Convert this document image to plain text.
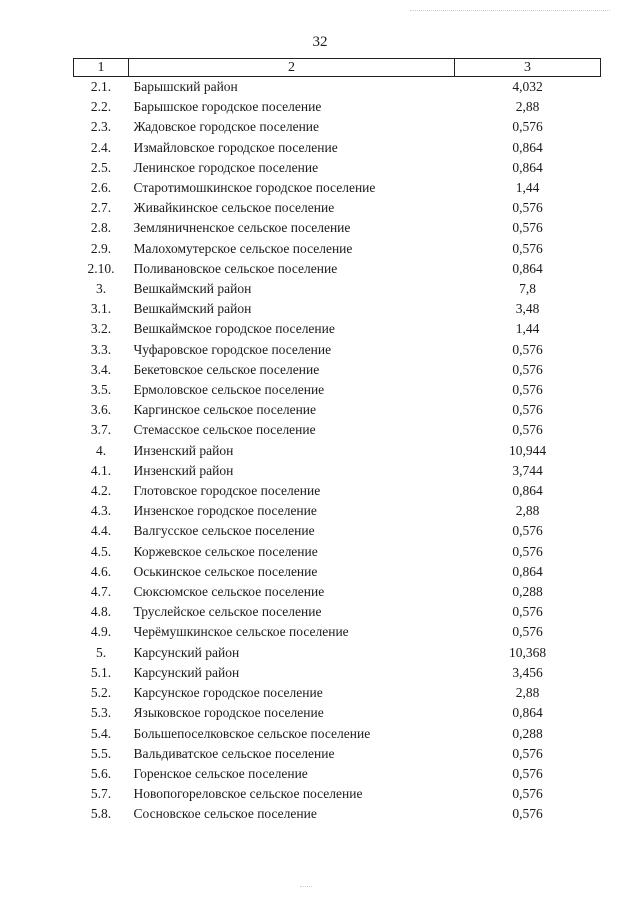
32
1	2	3
2.1.	Барышский район	4,032
2.2.	Барышское городское поселение	2,88
2.3.	Жадовское городское поселение	0,576
2.4.	Измайловское городское поселение	0,864
2.5.	Ленинское городское поселение	0,864
2.6.	Старотимошкинское городское поселение	1,44
2.7.	Живайкинское сельское поселение	0,576
2.8.	Земляничненское сельское поселение	0,576
2.9.	Малохомутерское сельское поселение	0,576
2.10.	Поливановское сельское поселение	0,864
3.	Вешкаймский район	7,8
3.1.	Вешкаймский район	3,48
3.2.	Вешкаймское городское поселение	1,44
3.3.	Чуфаровское городское поселение	0,576
3.4.	Бекетовское сельское поселение	0,576
3.5.	Ермоловское сельское поселение	0,576
3.6.	Каргинское сельское поселение	0,576
3.7.	Стемасское сельское поселение	0,576
4.	Инзенский район	10,944
4.1.	Инзенский район	3,744
4.2.	Глотовское городское поселение	0,864
4.3.	Инзенское городское поселение	2,88
4.4.	Валгусское сельское поселение	0,576
4.5.	Коржевское сельское поселение	0,576
4.6.	Оськинское сельское поселение	0,864
4.7.	Сюксюмское сельское поселение	0,288
4.8.	Труслейское сельское поселение	0,576
4.9.	Черёмушкинское сельское поселение	0,576
5.	Карсунский район	10,368
5.1.	Карсунский район	3,456
5.2.	Карсунское городское поселение	2,88
5.3.	Языковское городское поселение	0,864
5.4.	Большепоселковское сельское поселение	0,288
5.5.	Вальдиватское сельское поселение	0,576
5.6.	Горенское сельское поселение	0,576
5.7.	Новопогореловское сельское поселение	0,576
5.8.	Сосновское сельское поселение	0,576
